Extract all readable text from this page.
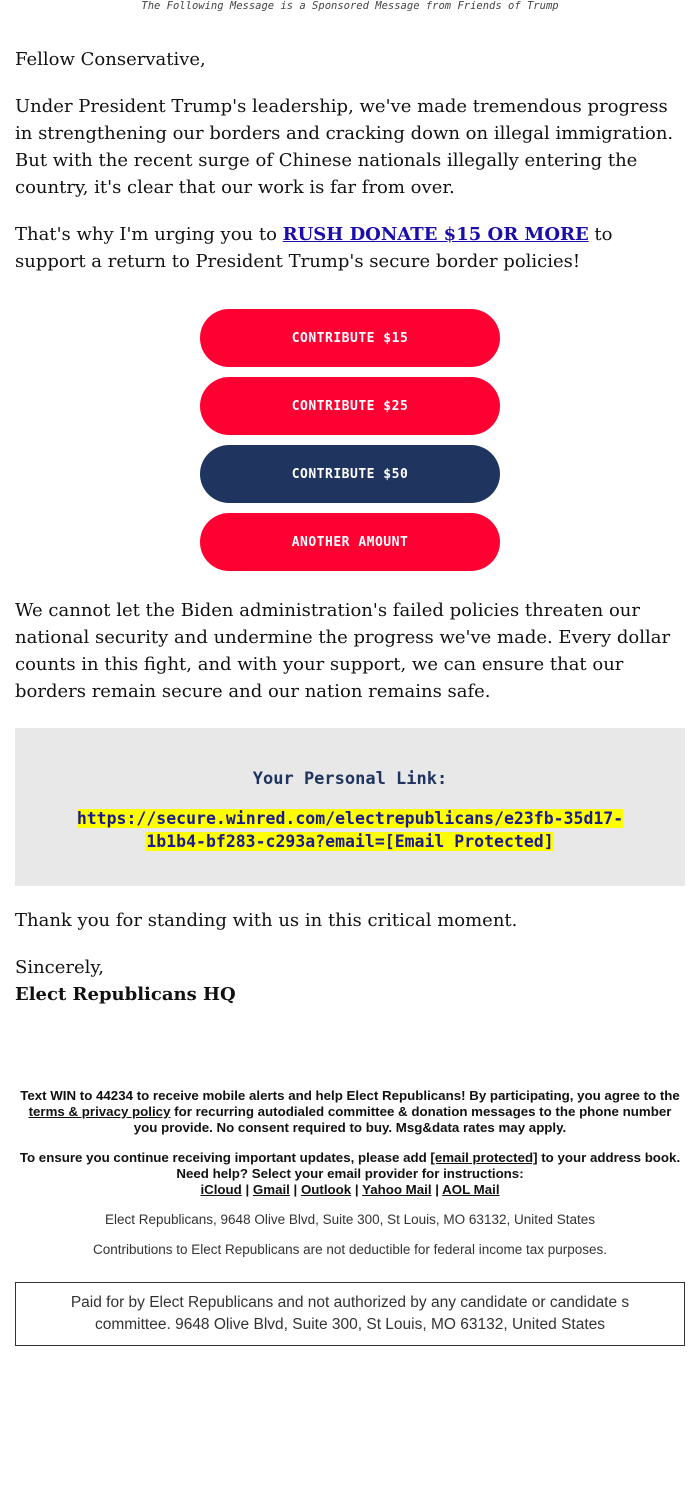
The Following Message is a Sponsored Message from Friends of Trump

Fellow Conservative,

Under President Trump's leadership, we've made tremendous progress in strengthening our borders and cracking down on illegal immigration. But with the recent surge of Chinese nationals illegally entering the country, it's clear that our work is far from over.

That's why I'm urging you to RUSH DONATE $15 OR MORE to support a return to President Trump's secure border policies!

CONTRIBUTE $15
CONTRIBUTE $25
CONTRIBUTE $50
ANOTHER AMOUNT

We cannot let the Biden administration's failed policies threaten our national security and undermine the progress we've made. Every dollar counts in this fight, and with your support, we can ensure that our borders remain secure and our nation remains safe.

Your Personal Link:
https://secure.winred.com/electrepublicans/e23fb-35d17-
1b1b4-bf283-c293a?email=[Email Protected]

Thank you for standing with us in this critical moment.

Sincerely,
Elect Republicans HQ

Text WIN to 44234 to receive mobile alerts and help Elect Republicans! By participating, you agree to the terms & privacy policy for recurring autodialed committee & donation messages to the phone number you provide. No consent required to buy. Msg&data rates may apply.
To ensure you continue receiving important updates, please add [email protected] to your address book. Need help? Select your email provider for instructions:
iCloud | Gmail | Outlook | Yahoo Mail | AOL Mail
Elect Republicans, 9648 Olive Blvd, Suite 300, St Louis, MO 63132, United States
Contributions to Elect Republicans are not deductible for federal income tax purposes.
Paid for by Elect Republicans and not authorized by any candidate or candidate s committee. 9648 Olive Blvd, Suite 300, St Louis, MO 63132, United States
